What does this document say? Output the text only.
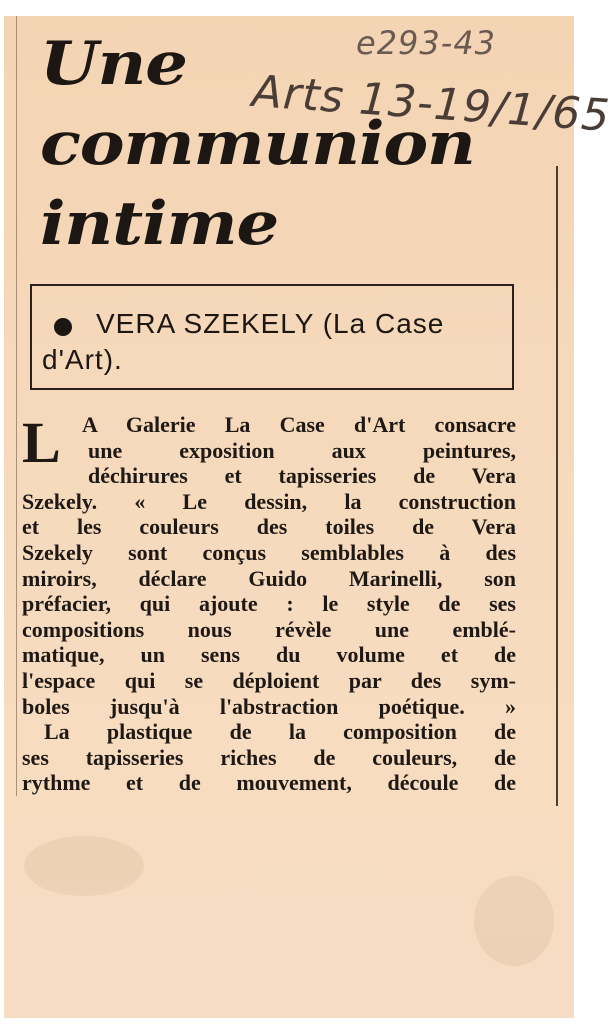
Une
communion
intime
e293-43
Arts 13-19/1/65

VERA SZEKELY (La Case
d'Art).

L A Galerie La Case d'Art consacre
une exposition aux peintures,
déchirures et tapisseries de Vera
Szekely. « Le dessin, la construction
et les couleurs des toiles de Vera
Szekely sont conçus semblables à des
miroirs, déclare Guido Marinelli, son
préfacier, qui ajoute : le style de ses
compositions nous révèle une emblé-
matique, un sens du volume et de
l'espace qui se déploient par des sym-
boles jusqu'à l'abstraction poétique. »
La plastique de la composition de
ses tapisseries riches de couleurs, de
rythme et de mouvement, découle de
